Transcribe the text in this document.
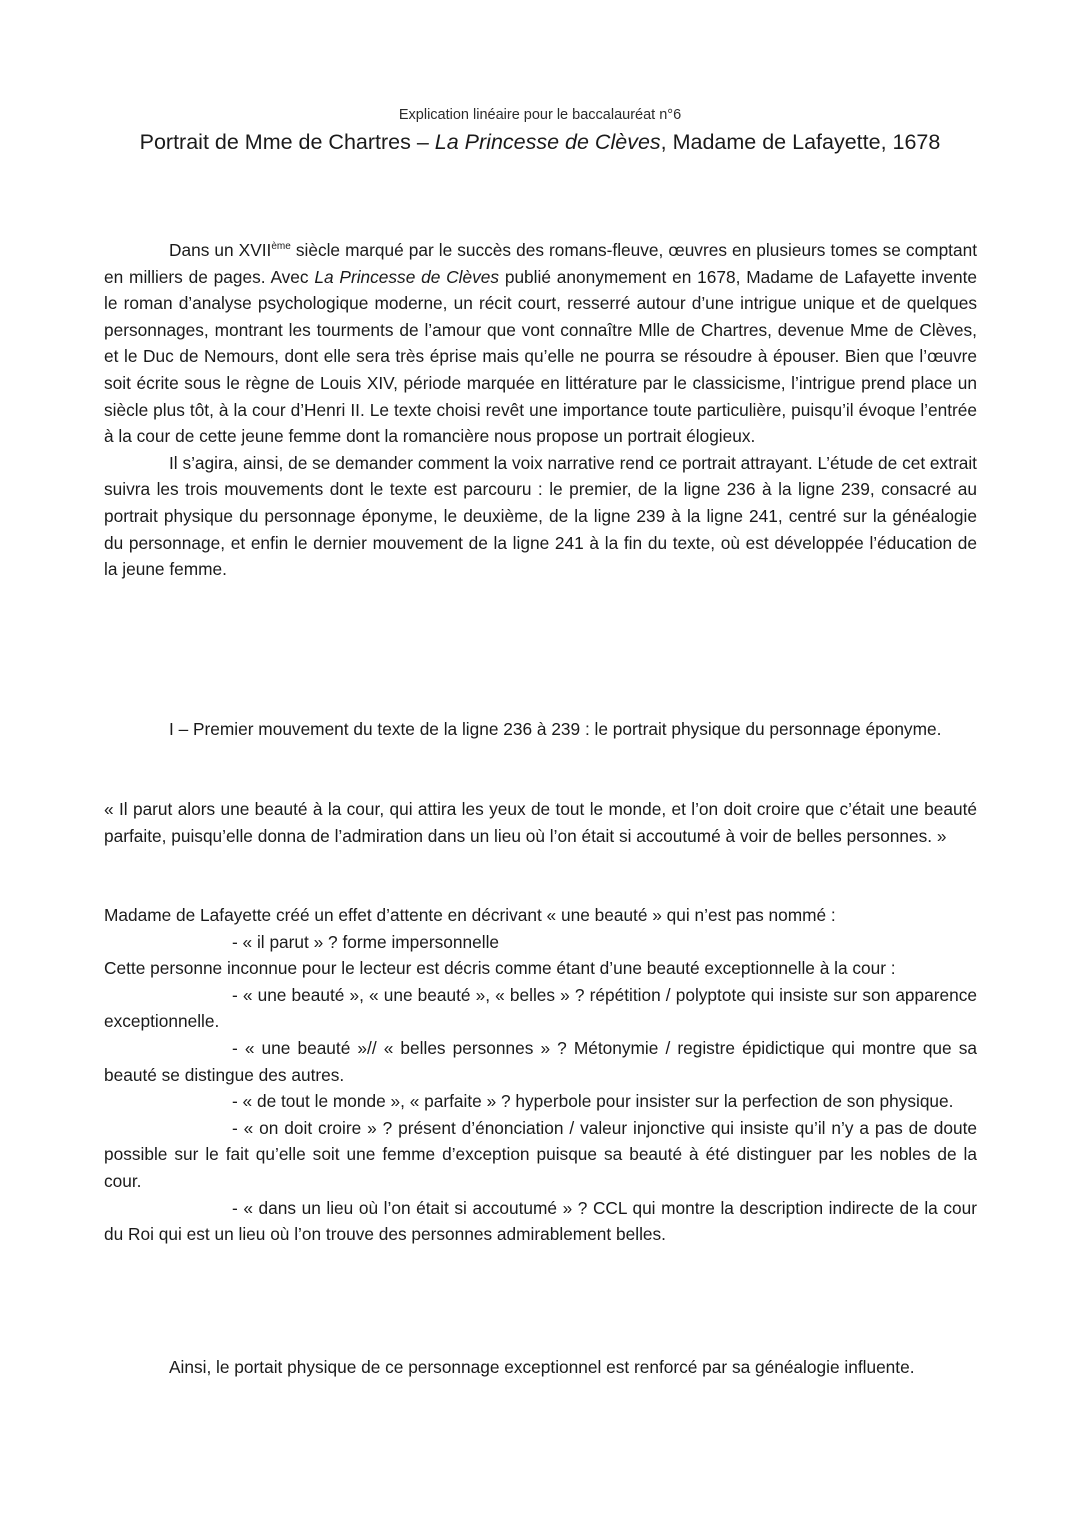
Explication linéaire pour le baccalauréat n°6
Portrait de Mme de Chartres – La Princesse de Clèves, Madame de Lafayette, 1678

Dans un XVIIème siècle marqué par le succès des romans-fleuve, œuvres en plusieurs tomes se comptant en milliers de pages. Avec La Princesse de Clèves publié anonymement en 1678, Madame de Lafayette invente le roman d’analyse psychologique moderne, un récit court, resserré autour d’une intrigue unique et de quelques personnages, montrant les tourments de l’amour que vont connaître Mlle de Chartres, devenue Mme de Clèves, et le Duc de Nemours, dont elle sera très éprise mais qu’elle ne pourra se résoudre à épouser. Bien que l’œuvre soit écrite sous le règne de Louis XIV, période marquée en littérature par le classicisme, l’intrigue prend place un siècle plus tôt, à la cour d’Henri II. Le texte choisi revêt une importance toute particulière, puisqu’il évoque l’entrée à la cour de cette jeune femme dont la romancière nous propose un portrait élogieux.

Il s’agira, ainsi, de se demander comment la voix narrative rend ce portrait attrayant. L’étude de cet extrait suivra les trois mouvements dont le texte est parcouru : le premier, de la ligne 236 à la ligne 239, consacré au portrait physique du personnage éponyme, le deuxième, de la ligne 239 à la ligne 241, centré sur la généalogie du personnage, et enfin le dernier mouvement de la ligne 241 à la fin du texte, où est développée l’éducation de la jeune femme.

I – Premier mouvement du texte de la ligne 236 à 239 : le portrait physique du personnage éponyme.

« Il parut alors une beauté à la cour, qui attira les yeux de tout le monde, et l’on doit croire que c’était une beauté parfaite, puisqu’elle donna de l’admiration dans un lieu où l’on était si accoutumé à voir de belles personnes. »

Madame de Lafayette créé un effet d’attente en décrivant « une beauté » qui n’est pas nommé :

- « il parut » ? forme impersonnelle

Cette personne inconnue pour le lecteur est décris comme étant d’une beauté exceptionnelle à la cour :

- « une beauté », « une beauté », « belles » ? répétition / polyptote qui insiste sur son apparence exceptionnelle.

- « une beauté »// « belles personnes » ? Métonymie / registre épidictique qui montre que sa beauté se distingue des autres.

- « de tout le monde », « parfaite » ? hyperbole pour insister sur la perfection de son physique.

- « on doit croire » ? présent d’énonciation / valeur injonctive qui insiste qu’il n’y a pas de doute possible sur le fait qu’elle soit une femme d’exception puisque sa beauté à été distinguer par les nobles de la cour.

- « dans un lieu où l’on était si accoutumé » ? CCL qui montre la description indirecte de la cour du Roi qui est un lieu où l’on trouve des personnes admirablement belles.

Ainsi, le portait physique de ce personnage exceptionnel est renforcé par sa généalogie influente.
